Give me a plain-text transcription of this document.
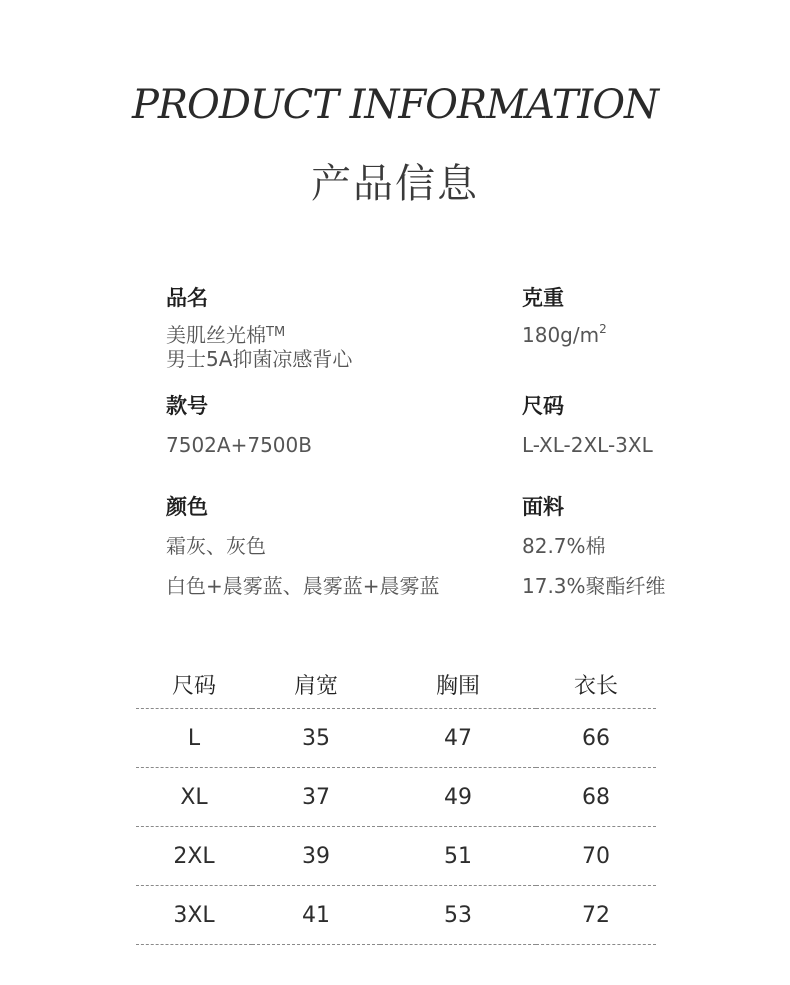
PRODUCT INFORMATION
产品信息
品名
美肌丝光棉™
男士5A抑菌凉感背心
克重
$180g/m^2$
款号
7502A+7500B
尺码
L-XL-2XL-3XL
颜色
霜灰、灰色
白色+晨雾蓝、晨雾蓝+晨雾蓝
面料
82.7%棉
17.3%聚酯纤维
尺码	肩宽	胸围	衣长
L	35	47	66
XL	37	49	68
2XL	39	51	70
3XL	41	53	72
